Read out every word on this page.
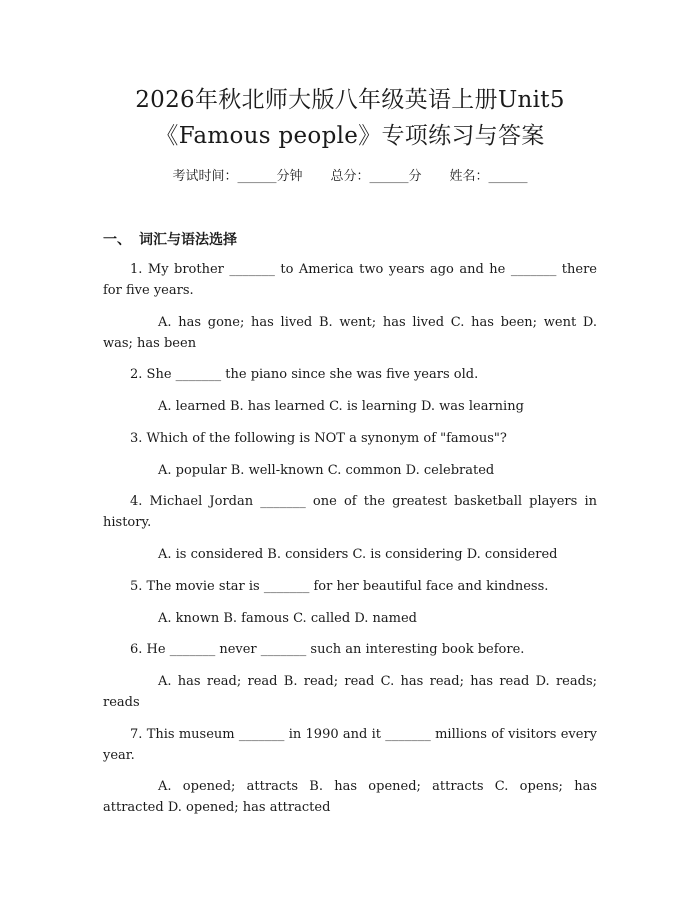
2026年秋北师大版八年级英语上册Unit5
《Famous people》专项练习与答案
考试时间：______分钟 总分：______分 姓名：______
一、 词汇与语法选择
1. My brother _______ to America two years ago and he _______ there for five years.
A. has gone; has lived B. went; has lived C. has been; went D. was; has been
2. She _______ the piano since she was five years old.
A. learned B. has learned C. is learning D. was learning
3. Which of the following is NOT a synonym of "famous"?
A. popular B. well-known C. common D. celebrated
4. Michael Jordan _______ one of the greatest basketball players in history.
A. is considered B. considers C. is considering D. considered
5. The movie star is _______ for her beautiful face and kindness.
A. known B. famous C. called D. named
6. He _______ never _______ such an interesting book before.
A. has read; read B. read; read C. has read; has read D. reads; reads
7. This museum _______ in 1990 and it _______ millions of visitors every year.
A. opened; attracts B. has opened; attracts C. opens; has attracted D. opened; has attracted
